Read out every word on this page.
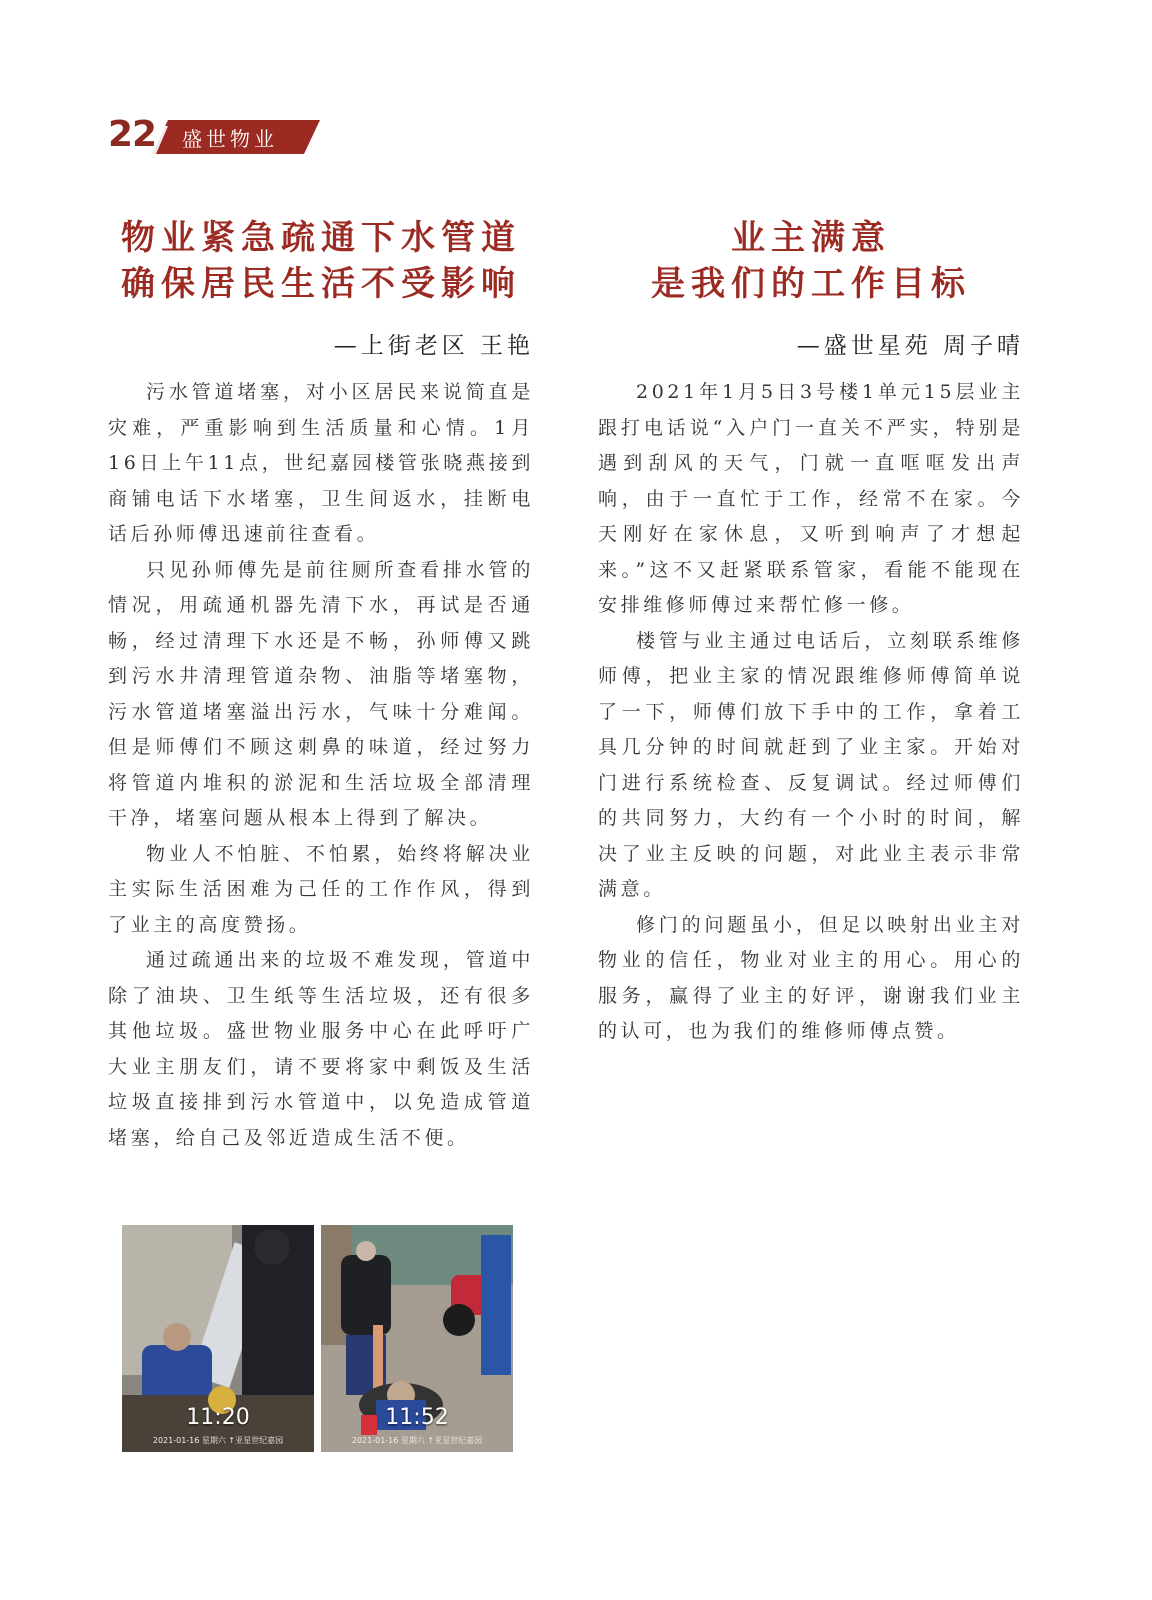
22 盛世物业
物业紧急疏通下水管道
确保居民生活不受影响
—上街老区 王艳

污水管道堵塞，对小区居民来说简直是灾难，严重影响到生活质量和心情。1月16日上午11点，世纪嘉园楼管张晓燕接到商铺电话下水堵塞，卫生间返水，挂断电话后孙师傅迅速前往查看。

只见孙师傅先是前往厕所查看排水管的情况，用疏通机器先清下水，再试是否通畅，经过清理下水还是不畅，孙师傅又跳到污水井清理管道杂物、油脂等堵塞物，污水管道堵塞溢出污水，气味十分难闻。但是师傅们不顾这刺鼻的味道，经过努力将管道内堆积的淤泥和生活垃圾全部清理干净，堵塞问题从根本上得到了解决。

物业人不怕脏、不怕累，始终将解决业主实际生活困难为己任的工作作风，得到了业主的高度赞扬。

通过疏通出来的垃圾不难发现，管道中除了油块、卫生纸等生活垃圾，还有很多其他垃圾。盛世物业服务中心在此呼吁广大业主朋友们，请不要将家中剩饭及生活垃圾直接排到污水管道中，以免造成管道堵塞，给自己及邻近造成生活不便。

业主满意
是我们的工作目标
—盛世星苑 周子晴

2021年1月5日3号楼1单元15层业主跟打电话说“入户门一直关不严实，特别是遇到刮风的天气，门就一直哐哐发出声响，由于一直忙于工作，经常不在家。今天刚好在家休息，又听到响声了才想起来。”这不又赶紧联系管家，看能不能现在安排维修师傅过来帮忙修一修。

楼管与业主通过电话后，立刻联系维修师傅，把业主家的情况跟维修师傅简单说了一下，师傅们放下手中的工作，拿着工具几分钟的时间就赶到了业主家。开始对门进行系统检查、反复调试。经过师傅们的共同努力，大约有一个小时的时间，解决了业主反映的问题，对此业主表示非常满意。

修门的问题虽小，但足以映射出业主对物业的信任，物业对业主的用心。用心的服务，赢得了业主的好评，谢谢我们业主的认可，也为我们的维修师傅点赞。

11:20
2021-01-16 星期六 ↑亚星世纪嘉园
11:52
2021-01-16 星期六 ↑亚星世纪嘉园
